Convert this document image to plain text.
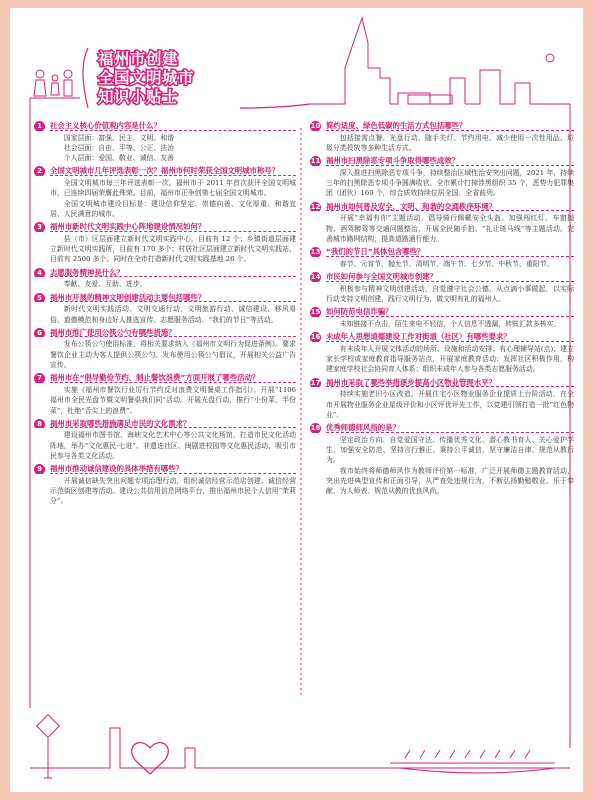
福州市创建
全国文明城市
知识小贴士
1	社会主义核心价值观内容是什么？

国家层面：富强、民主、文明、和谐

社会层面：自由、平等、公正、法治

个人层面：爱国、敬业、诚信、友善

2	全国文明城市几年评选表彰一次？福州市何时荣获全国文明城市称号？

全国文明城市每三年评选表彰一次。福州市于 2011 年首次获评全国文明城市，已连续四届荣膺此殊荣。目前，福州市正争创第七届全国文明城市。

全国文明城市建设目标是：建设信仰坚定、崇德向善、文化厚重、和谐宜居、人民满意的城市。

3	福州市新时代文明实践中心阵地建设情况如何？

县（市）区层面建立新时代文明实践中心，目前有 12 个；乡镇街道层面建立新时代文明实践所，目前有 170 多个；村居社区层面建立新时代文明实践站，目前有 2500 多个。同时在全市打造新时代文明实践基地 26 个。

4	志愿服务精神是什么？

奉献、友爱、互助、进步。

5	福州市开展的精神文明创建活动主要包括哪些？

新时代文明实践活动、文明交通行动、文明旅游行动、诚信建设、移风易俗、道德模范和身边好人推选宣传、志愿服务活动、“我们的节日”等活动。

6	福州市推广使用公筷公勺有哪些措施？

发布公筷公勺使用标准，将相关要求纳入《福州市文明行为促进条例》。要求餐饮企业主动为客人提供公筷公勺。发布使用公筷公勺倡议，开展相关公益广告宣传。

7	福州市在“倡导勤俭节约、制止餐饮浪费”方面开展了哪些活动？

实施《福州市餐饮行业厉行节约反对浪费文明餐桌工作指引》。开展“1106 福州市全民光盘节暨文明餐桌我们同“活动。开展光盘行动，推行“小份菜、半份菜”，杜绝“舌尖上的浪费”。

8	福州市采取哪些措施满足市民的文化需求？

建设福州市图书馆、海峡文化艺术中心等公共文化场馆，打造市民文化活动阵地，举办“文化惠民·七进”、非遗进社区、闽剧进校园等文化惠民活动，吸引市民参与各类文化活动。

9	福州市推动诚信建设的具体举措有哪些？

开展诚信缺失突出问题专项治理行动，组织诚信经营示范店创建、诚信经营示范街区创建等活动。建设公共信用信息网络平台，推出福州市民个人信用“茉莉分”。

10 简约适度、绿色低碳的生活方式包括哪些？

包括接需点餐、光盘行动、随手关灯、节约用电、减少使用一次性用品、垃圾分类投放等多种生活方式。

11 福州市扫黑除恶专项斗争取得哪些成效？

深入推进扫黑除恶专项斗争，持续整治区域性治安突出问题，2021 年，持续三年的扫黑除恶专项斗争圆满收官，全市累计打掉涉黑组织 35 个，恶势力犯罪集团（团伙）169 个，综合质效持续位居全国、全省前列。

12 福州市如何普及安全、文明、和谐的交通秩序环境？

开展“幸福有你”主题活动，倡导骑行佩戴安全头盔。加强闯红灯、车窗抛物、酒驾醉驾等交通问题整治，开展全民随手拍、“礼让斑马线”等主题活动。完善城市路网结构，提高道路通行能力。

13 “我们的节日”具体包含哪些？

春节、元宵节、抛允节、清明节、端午节、七夕节、中秋节、重阳节。

14 市民如何参与全国文明城市创建？

积极参与精神文明创建活动，自觉遵守社会公德，从点滴小事做起，以实际行动支持文明创建，践行文明行为，做文明有礼的福州人。

15 如何防范电信诈骗？

未知链接不点击，陌生来电不轻信，个人信息不透漏，转账汇款多核实。

16 未成年人思想道德建设工作对街道（社区）有哪些要求？

有未成年人开展文体活动的场所、设施和活动安排；有心理辅导站(点)；建立家长学校或家庭教育指导服务站点，开展家庭教育活动；发挥社区积极作用，构建家庭学校社会协同育人体系；组织未成年人参与各类志愿服务活动。

17 福州市采取了哪些举措逐步提高小区物业管理水平？

持续实施老旧小区改造，开展住宅小区物业服务企业提质上台阶活动，在全市开展物业服务企业星级评价和小区评优评先工作，以党建引领打造一批“红色物业”。

18 优秀师德师风指的是？

坚定政治方向、自觉爱国守法、传播优秀文化、潜心教书育人、关心爱护学生、加强安全防范、坚持言行雅正、秉持公平诚信、坚守廉洁自律、规范从教行为。

我市始终将师德师风作为教师评价第一标准，广泛开展师德主题教育活动，突出先进典型宣传和正面引导，从严查处违规行为，不断弘扬勤勉敬业、乐于奉献、为人师表、规范从教的优良风尚。
